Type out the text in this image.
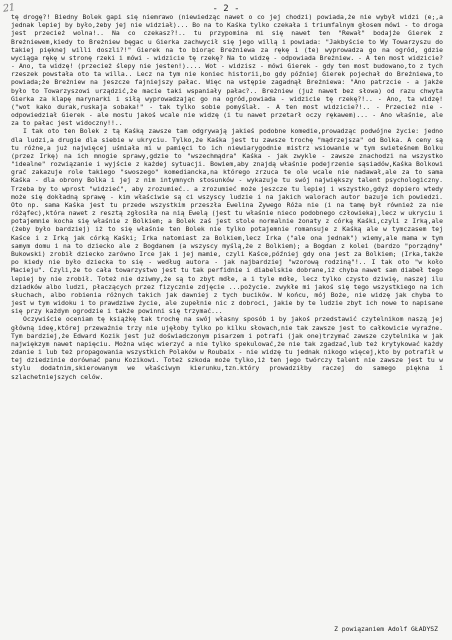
21	- 2 -

tę drogę?! Biedny Bolek gapi się niemrawo (niewiedząc nawet o co jej chodzi) powiada,że nie wybył widzi (e;,a jednak lepiej by było,żeby jej nie widział)... Bo na to Kaśka tylko czekała i triumfalnym głosem mówi - to droga jest przecież wolna!.. Na co czekasz?!.. tu przypomina mi się nawet ten "Rewał" bodajże Gierek z Breżniewem,kiedy to Breżniew bęgac u Gierka zachwycił się jego willą i powiada: "Jakbyście to Wy Towarzyszu do takiej pięknej willi doszli?!" Gierek na to biorąc Breżniewa za rękę i (te) wyprowadza go na ogród, gdzie wyciąga rękę w stronę rzeki i mówi - widzicie tę rzekę? Na to widzę - odpowiada Breżniew. - A ten most widzicie? - Ano, ta widzę! (przecież ślepy nie jesten!).... Wot - widzisz - mówi Gierek - gdy ten most budowano,to z tych rzeszek powstała oto ta willa.. Lecz na tym nie koniec historii,bo gdy później Gierek pojechał do Breżniewa,to powiada;że Breżniew na jeszcze fajniejszy pałac. Więc na wstępie zagadnął Breżniewa: "Ano patrzcie - a jakże było to Towarzyszowi urządzić,że macie taki wspaniały pałac?.. Breżniew (już nawet bez słowa) od razu chwyta Gierka za klapę marynarki i siłą wyprowadzając go na ogród,powiada - widzicie tę rzekę?!.. - Ano, ta widzę! ("wot kako durak,ruskaja sobaka!" - tak tylko sobie pomyślał. - A ten most widzicie?!.. - Przecież nie - odpowiedział Gierek - ale mostu jakoś wcale nie widzę (i tu nawet przetarł oczy rękawem)... - Ano właśnie, ale za to pałac jest widoczny!!..

I tak oto ten Bolek z tą Kaśką zawsze tam odgrywają jakieś podobne komedie,prowadząc podwójne życie: jedno dla ludzi,a drugie dla siebie w ukryciu. Tylko,że Kaśka jest tu zawsze trochę "mądrzejsza" od Bolka. A ceny są tu różne,a już najwięcej uśmiała mi w pamięci to ich niewiarygodnie mistrz wsiowanie w tym swieteśnem Bolku (przez Irkę) na ich mnogie sprawy,gdzie to "wszechmądra" Kaśka - jak zwykle - zawsze znachodzi na wszystko "idealne" rozwiązanie i wyjście z każdej sytuacji. Bowiem,aby znajdą właśnie podejrzenie sąsiadów,Kaśka Bolkowi grać zakazuje role takiego "swoszego" komediancka,na którego zrzuca te ole wcale nie nadawał,ale za to sama Kaśka - dla obrony Bolka i jej z nim intymnych stosunków - wykazuje tu swój największy talent psychologiczny. Trzeba by to wprost "widzieć", aby zrozumieć.. a zrozumieć może jeszcze tu lepiej i wszystko,gdyż dopiero wtedy może się dokładną sprawę - kim właściwie są ci wszyscy ludzie i na jakich walorach autor bazuje ich powiedzi. Oto np. sama Kaśka jest tu przede wszystkim przeszła Ewelina Zywego Róża nie (i na tamę był również za nie różąfec),która nawet z resztą zgłosiła na nią Ewelą (jest tu właśnie nieco podobnego człowieka),lecz w ukryciu i potajemnie kocha się właśnie z Bolkiem; a Bolek zaś jest stole normalnie żonaty z córką Kaśki,czyli z Irką,ale (żeby było bardziej) iż to się właśnie ten Bolek nie tylko potajemnie romansuje z Kaśką ale w tymczasem tej Kaśce i z Irką jak córką Kaśki; Irka natomiast za Bolkiem,lecz Irka ("ale ona jednak") wiemy,ale mama w tym samym domu i na to dziecko ale z Bogdanem (a wszyscy myślą,że z Bolkiem); a Bogdan z kolei (bardzo "porządny" Bukowski) zrobił dziecko zarówno Irce jak i jej mamie, czyli Kaśce,później gdy ona jest za Bolkiem; (Irka,także po kiedy nie było dziecka to się - według autora - jak najbardziej "wzorową rodziną"!.. I tak oto "w koło Macieju". Czyli,że to cała towarzystwo jest tu tak perfidnie i diabelskie dobrane,iż chyba nawet sam diabeł tego lepiej by nie zrobił. Toteż nie dziwmy,że są to zbyt mdłe, a i tyle mdłe, lecz tylko czysto dziwię, naszej ilu dziadków albo ludzi, płaczących przez fizycznie zdjęcie ...pożycie. zwykłe mi jakoś się tego wszystkiego na ich słuchach, albo robienia różnych takich jak dawniej z tych bucików. W końcu, mój Boże, nie widzę jak chyba to jest w tym widoku i to prawdziwe życie, ale zupełnie nic z dobroci, jakie by te ludzie zbyt ich nowe to napisane się przy każdym ogrodzie i także powinni się trzymać...

Oczywiście oceniam tę książkę tak trochę na swój własny sposób i by jakoś przedstawić czytelnikom naszą jej główną ideę,której przeważnie trzy nie ujęłoby tylko po kilku słowach,nie tak zawsze jest to całkowicie wyraźne. Tym bardziej,że Edward Kozik jest już doświadczonym pisarzem i potrafi (jak one)trzymać zawsze czytelnika w jak najwiękzym nawet napięciu. Można więc wierzyć a nie tylko spekulować,że nie tak zgadzać,lub też krytykować każdy zdanie i lub też propagowania wszystkich Polaków w Roubaix - nie widzę tu jednak nikogo więcej,kto by potrafił w tej dziedzinie dorównać panu Kozikowi. Toteż szkoda może tylko,iż ten jego twórczy talent nie zawsze jest tu w stylu dodatnim,skierowanym we właściwym kierunku,tzn.który prowadziłby raczej do samego piękna i szlachetniejszych celów.

Z powiązaniem Adolf GŁADYSZ
